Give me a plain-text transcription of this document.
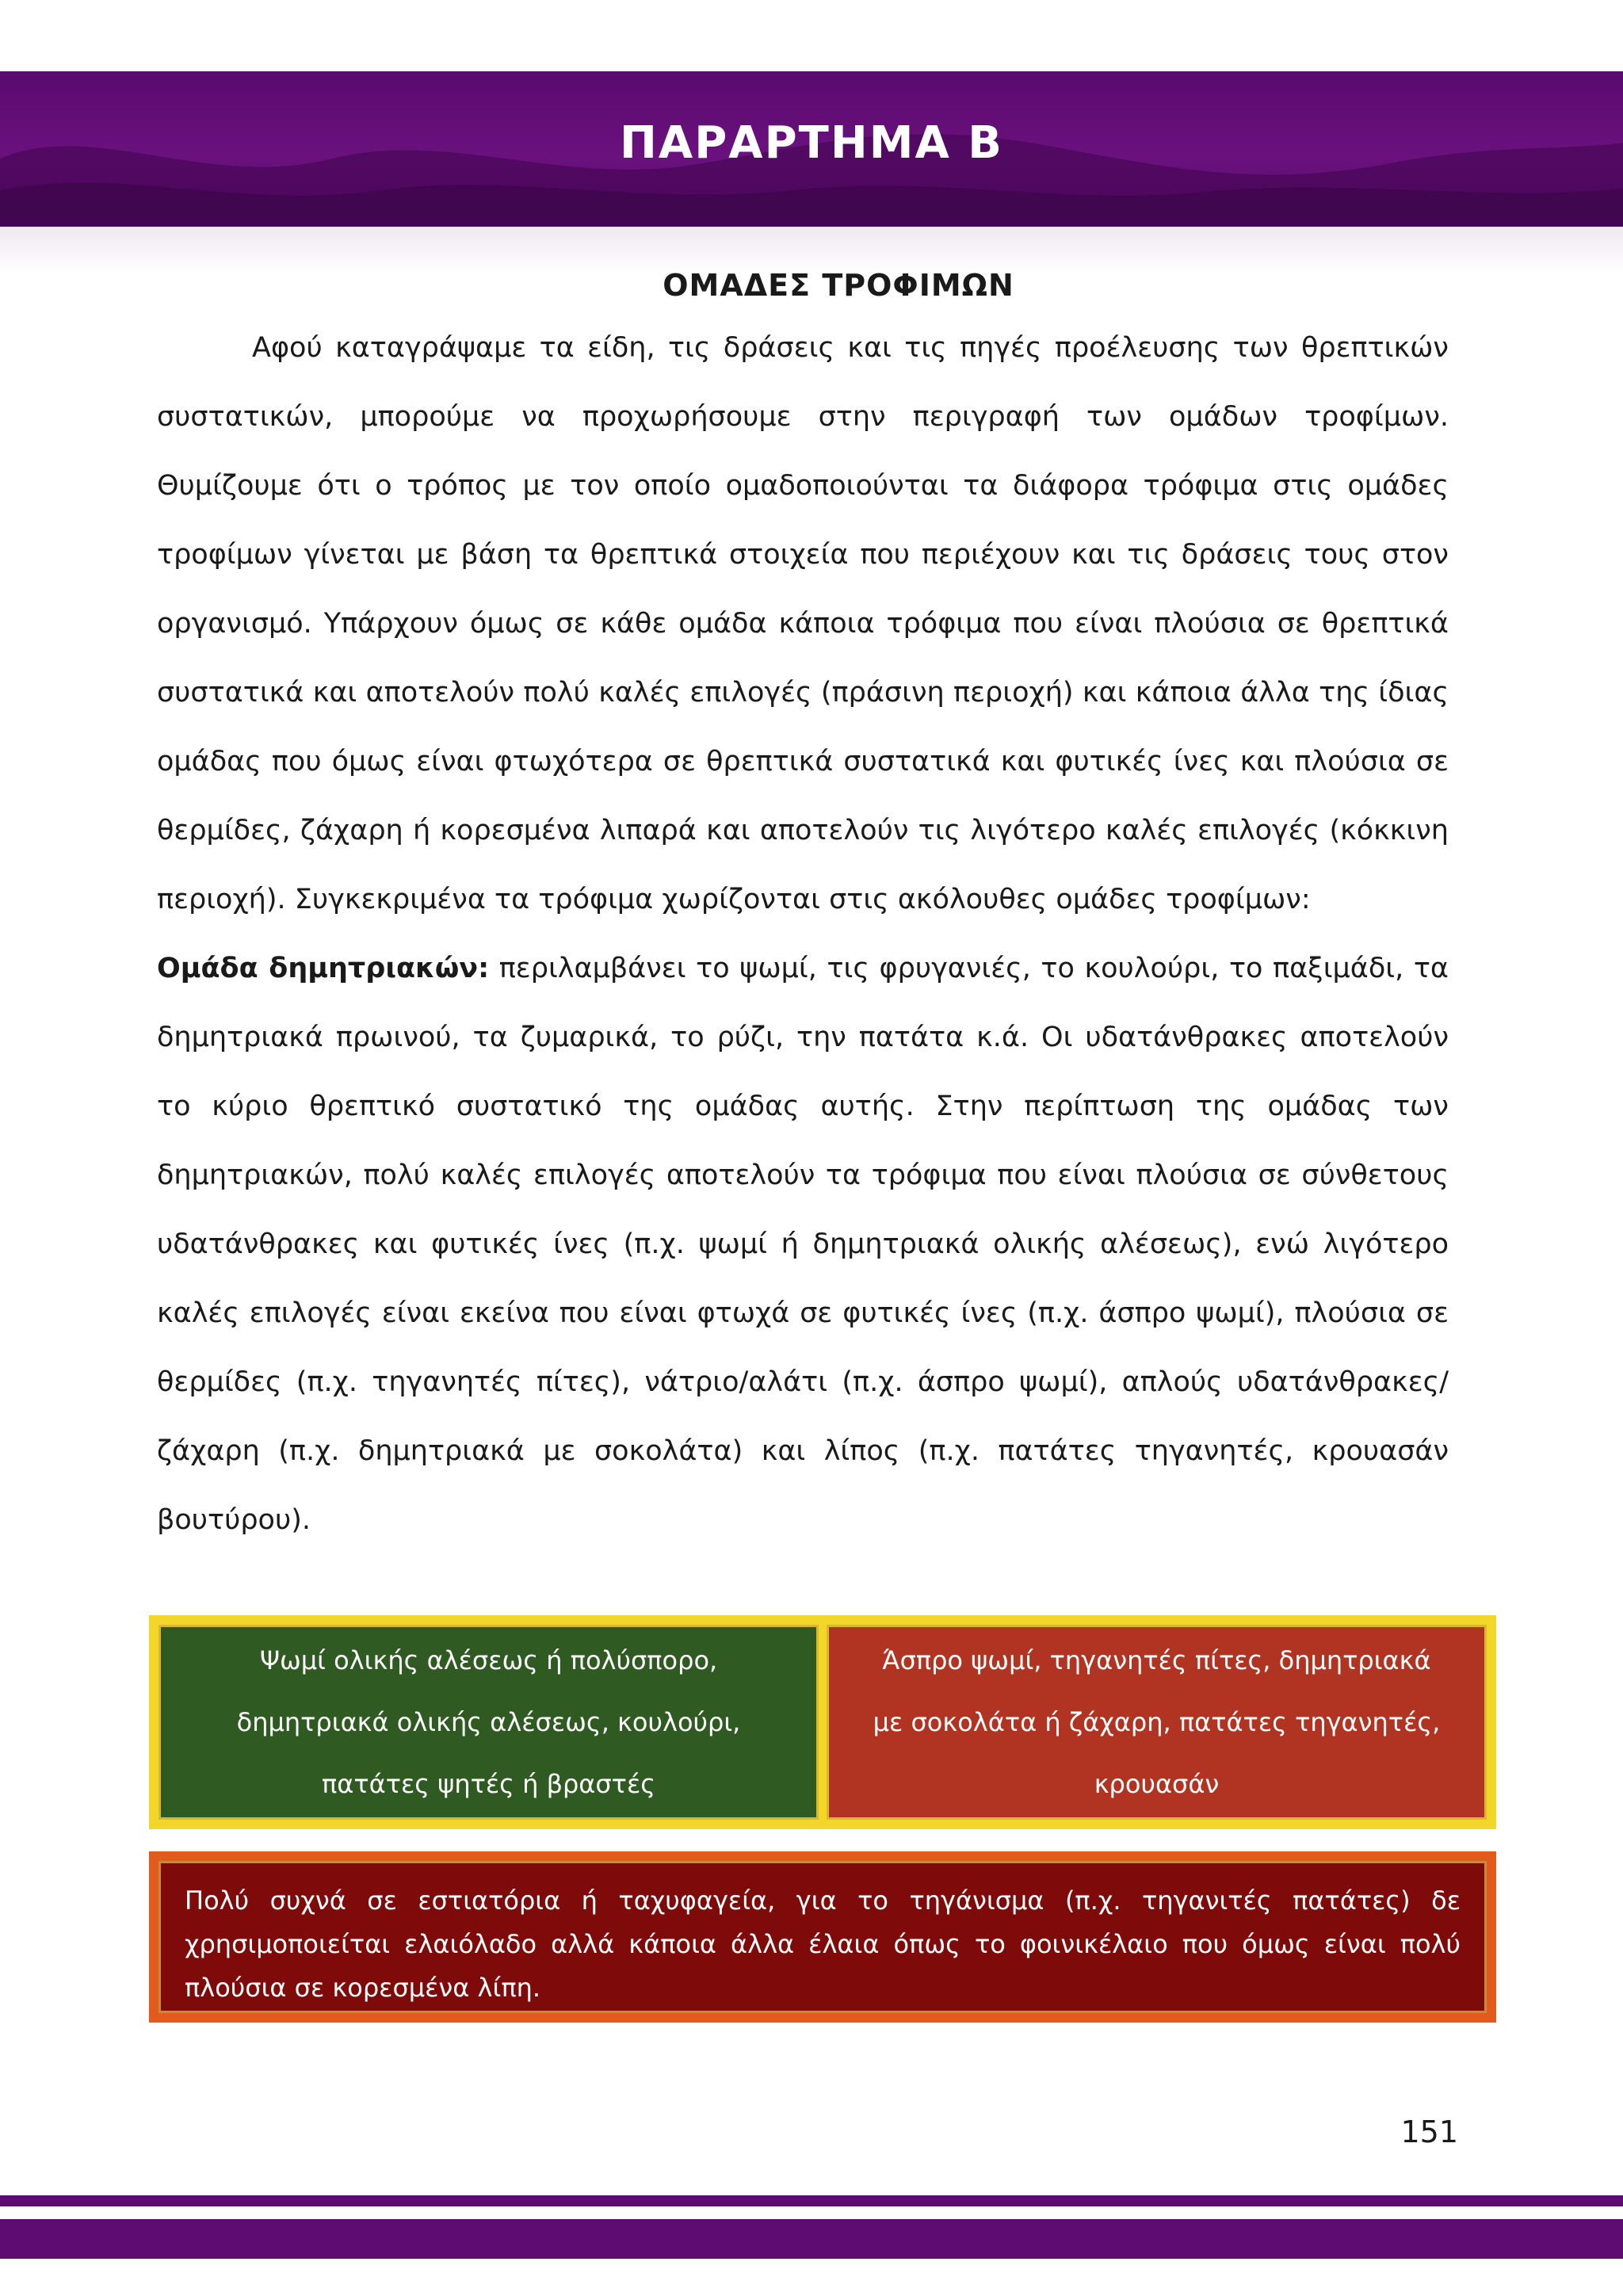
ΠΑΡΑΡΤΗΜΑ Β
ΟΜΑΔΕΣ ΤΡΟΦΙΜΩΝ

Αφού καταγράψαμε τα είδη, τις δράσεις και τις πηγές προέλευσης των θρεπτικών συστατικών, μπορούμε να προχωρήσουμε στην περιγραφή των ομάδων τροφίμων. Θυμίζουμε ότι ο τρόπος με τον οποίο ομαδοποιούνται τα διάφορα τρόφιμα στις ομάδες τροφίμων γίνεται με βάση τα θρεπτικά στοιχεία που περιέχουν και τις δράσεις τους στον οργανισμό. Υπάρχουν όμως σε κάθε ομάδα κάποια τρόφιμα που είναι πλούσια σε θρεπτικά συστατικά και αποτελούν πολύ καλές επιλογές (πράσινη περιοχή) και κάποια άλλα της ίδιας ομάδας που όμως είναι φτωχότερα σε θρεπτικά συστατικά και φυτικές ίνες και πλούσια σε θερμίδες, ζάχαρη ή κορεσμένα λιπαρά και αποτελούν τις λιγότερο καλές επιλογές (κόκκινη περιοχή). Συγκεκριμένα τα τρόφιμα χωρίζονται στις ακόλουθες ομάδες τροφίμων:

Ομάδα δημητριακών: περιλαμβάνει το ψωμί, τις φρυγανιές, το κουλούρι, το παξιμάδι, τα δημητριακά πρωινού, τα ζυμαρικά, το ρύζι, την πατάτα κ.ά. Οι υδατάνθρακες αποτελούν το κύριο θρεπτικό συστατικό της ομάδας αυτής. Στην περίπτωση της ομάδας των δημητριακών, πολύ καλές επιλογές αποτελούν τα τρόφιμα που είναι πλούσια σε σύνθετους υδατάνθρακες και φυτικές ίνες (π.χ. ψωμί ή δημητριακά ολικής αλέσεως), ενώ λιγότερο καλές επιλογές είναι εκείνα που είναι φτωχά σε φυτικές ίνες (π.χ. άσπρο ψωμί), πλούσια σε θερμίδες (π.χ. τηγανητές πίτες), νάτριο/αλάτι (π.χ. άσπρο ψωμί), απλούς υδατάνθρακες/ζάχαρη (π.χ. δημητριακά με σοκολάτα) και λίπος (π.χ. πατάτες τηγανητές, κρουασάν βουτύρου).

Ψωμί ολικής αλέσεως ή πολύσπορο,
δημητριακά ολικής αλέσεως, κουλούρι,
πατάτες ψητές ή βραστές
Άσπρο ψωμί, τηγανητές πίτες, δημητριακά
με σοκολάτα ή ζάχαρη, πατάτες τηγανητές,
κρουασάν
Πολύ συχνά σε εστιατόρια ή ταχυφαγεία, για το τηγάνισμα (π.χ. τηγανιτές πατάτες) δε χρησιμοποιείται ελαιόλαδο αλλά κάποια άλλα έλαια όπως το φοινικέλαιο που όμως είναι πολύ πλούσια σε κορεσμένα λίπη.
151
